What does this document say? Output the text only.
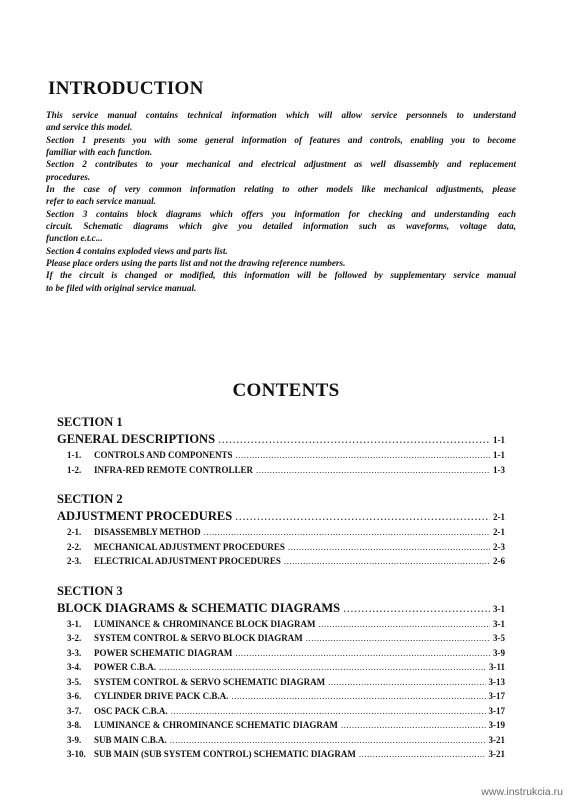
INTRODUCTION
This service manual contains technical information which will allow service personnels to understand
and service this model.
Section 1 presents you with some general information of features and controls, enabling you to become
familiar with each function.
Section 2 contributes to your mechanical and electrical adjustment as well disassembly and replacement
procedures.
In the case of very common information relating to other models like mechanical adjustments, please
refer to each service manual.
Section 3 contains block diagrams which offers you information for checking and understanding each
circuit. Schematic diagrams which give you detailed information such as waveforms, voltage data,
function e.t.c...
Section 4 contains exploded views and parts list.
Please place orders using the parts list and not the drawing reference numbers.
If the circuit is changed or modified, this information will be followed by supplementary service manual
to be filed with original service manual.
CONTENTS
SECTION 1
GENERAL DESCRIPTIONS .....	1-1
1-1.	CONTROLS AND COMPONENTS .....	1-1
1-2.	INFRA-RED REMOTE CONTROLLER .....	1-3
SECTION 2
ADJUSTMENT PROCEDURES .....	2-1
2-1.	DISASSEMBLY METHOD .....	2-1
2-2.	MECHANICAL ADJUSTMENT PROCEDURES .....	2-3
2-3.	ELECTRICAL ADJUSTMENT PROCEDURES .....	2-6
SECTION 3
BLOCK DIAGRAMS & SCHEMATIC DIAGRAMS .....	3-1
3-1.	LUMINANCE & CHROMINANCE BLOCK DIAGRAM .....	3-1
3-2.	SYSTEM CONTROL & SERVO BLOCK DIAGRAM .....	3-5
3-3.	POWER SCHEMATIC DIAGRAM .....	3-9
3-4.	POWER C.B.A. .....	3-11
3-5.	SYSTEM CONTROL & SERVO SCHEMATIC DIAGRAM .....	3-13
3-6.	CYLINDER DRIVE PACK C.B.A. .....	3-17
3-7.	OSC PACK C.B.A. .....	3-17
3-8.	LUMINANCE & CHROMINANCE SCHEMATIC DIAGRAM .....	3-19
3-9.	SUB MAIN C.B.A. .....	3-21
3-10. SUB MAIN (SUB SYSTEM CONTROL) SCHEMATIC DIAGRAM .....	3-21
www.instrukcia.ru
